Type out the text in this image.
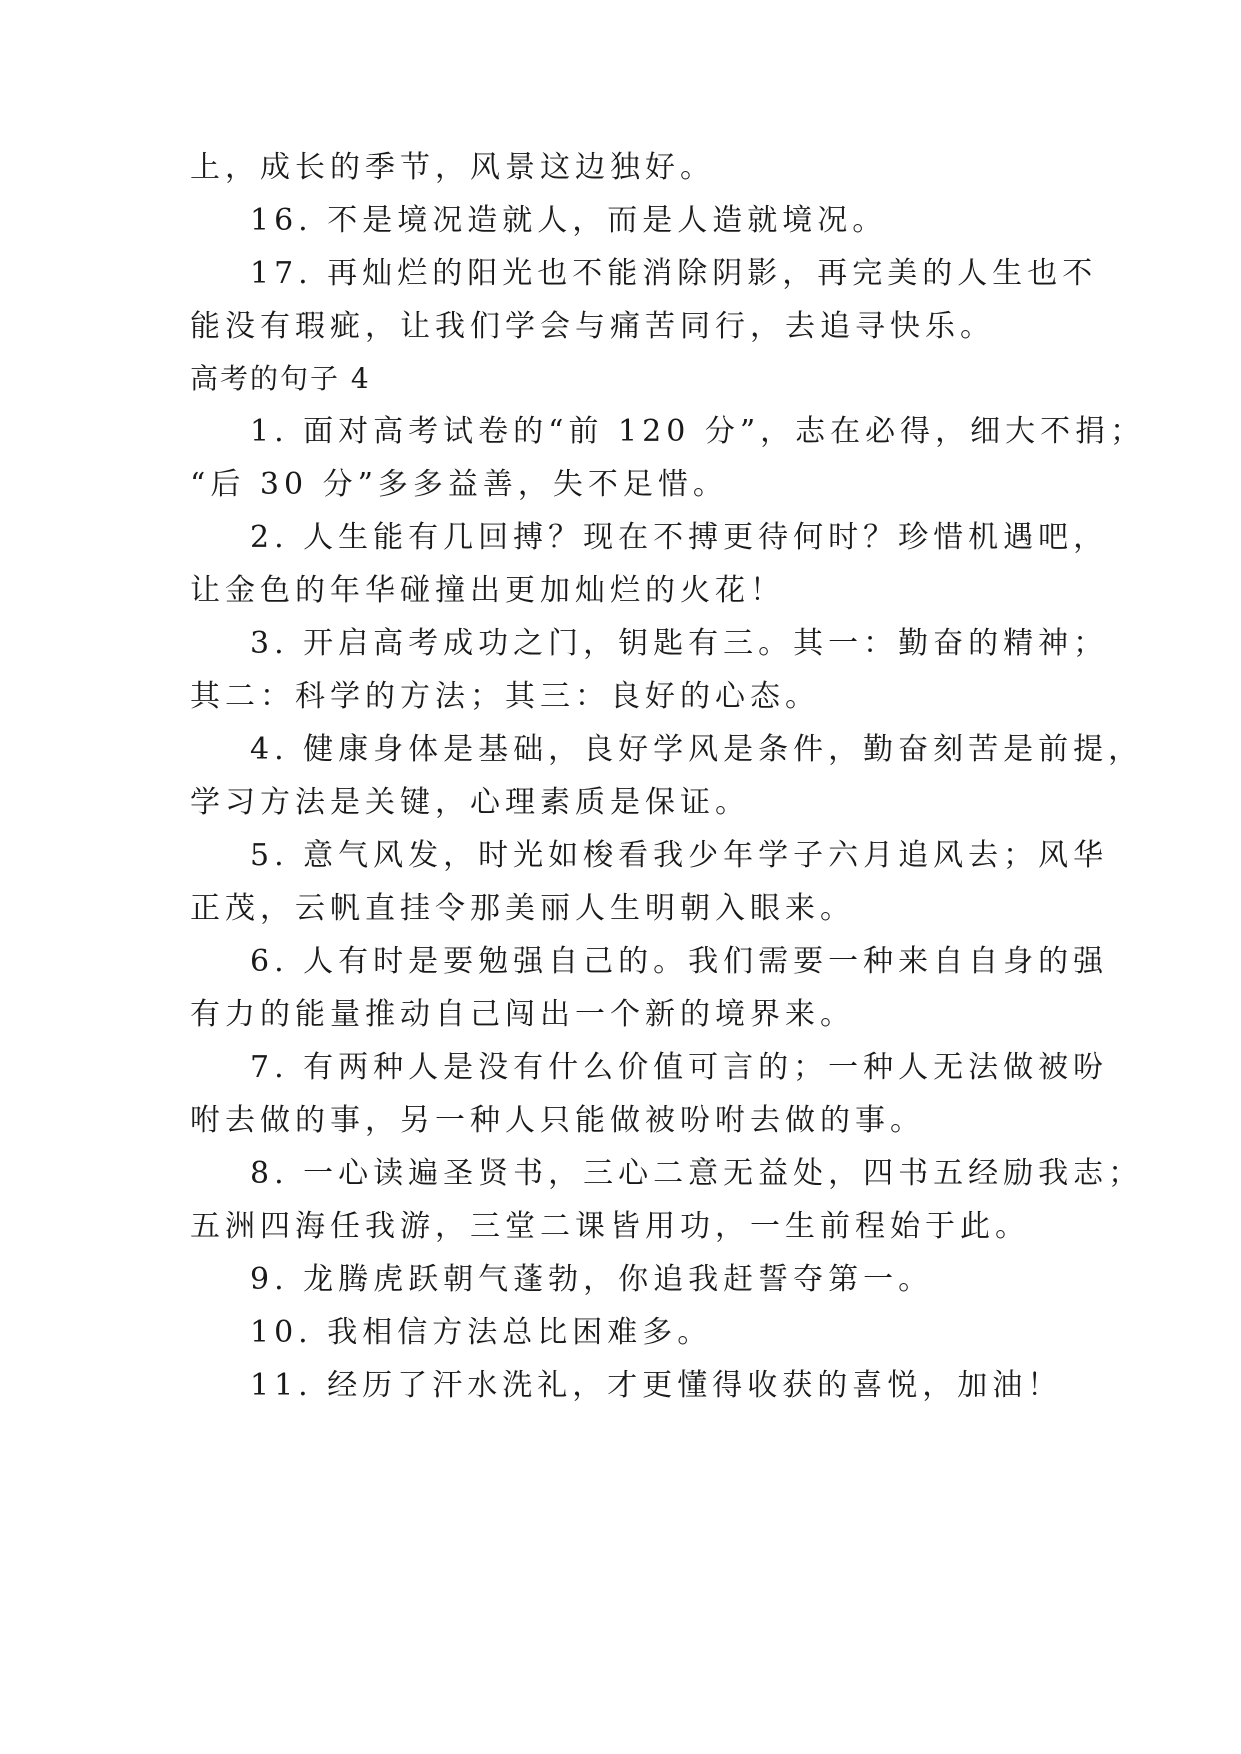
上，成长的季节，风景这边独好。
16. 不是境况造就人，而是人造就境况。
17. 再灿烂的阳光也不能消除阴影，再完美的人生也不
能没有瑕疵，让我们学会与痛苦同行，去追寻快乐。
高考的句子 4
1. 面对高考试卷的“前 120 分”，志在必得，细大不捐；
“后 30 分”多多益善，失不足惜。
2. 人生能有几回搏？现在不搏更待何时？珍惜机遇吧，
让金色的年华碰撞出更加灿烂的火花！
3. 开启高考成功之门，钥匙有三。其一：勤奋的精神；
其二：科学的方法；其三：良好的心态。
4. 健康身体是基础，良好学风是条件，勤奋刻苦是前提，
学习方法是关键，心理素质是保证。
5. 意气风发，时光如梭看我少年学子六月追风去；风华
正茂，云帆直挂令那美丽人生明朝入眼来。
6. 人有时是要勉强自己的。我们需要一种来自自身的强
有力的能量推动自己闯出一个新的境界来。
7. 有两种人是没有什么价值可言的；一种人无法做被吩
咐去做的事，另一种人只能做被吩咐去做的事。
8. 一心读遍圣贤书，三心二意无益处，四书五经励我志；
五洲四海任我游，三堂二课皆用功，一生前程始于此。
9. 龙腾虎跃朝气蓬勃，你追我赶誓夺第一。
10. 我相信方法总比困难多。
11. 经历了汗水洗礼，才更懂得收获的喜悦，加油！
